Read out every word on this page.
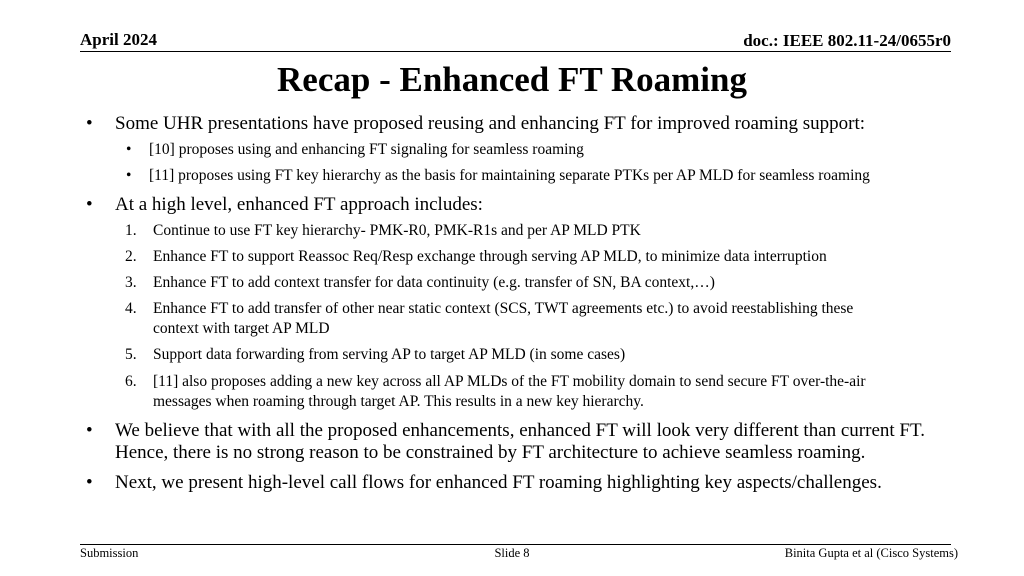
April 2024	doc.: IEEE 802.11-24/0655r0
Recap - Enhanced FT Roaming
• Some UHR presentations have proposed reusing and enhancing FT for improved roaming support:
• [10] proposes using and enhancing FT signaling for seamless roaming
• [11] proposes using FT key hierarchy as the basis for maintaining separate PTKs per AP MLD for seamless roaming
• At a high level, enhanced FT approach includes:
1. Continue to use FT key hierarchy- PMK-R0, PMK-R1s and per AP MLD PTK
2. Enhance FT to support Reassoc Req/Resp exchange through serving AP MLD, to minimize data interruption
3. Enhance FT to add context transfer for data continuity (e.g. transfer of SN, BA context,…)
4. Enhance FT to add transfer of other near static context (SCS, TWT agreements etc.) to avoid reestablishing these
context with target AP MLD
5. Support data forwarding from serving AP to target AP MLD (in some cases)
6. [11] also proposes adding a new key across all AP MLDs of the FT mobility domain to send secure FT over-the-air
messages when roaming through target AP. This results in a new key hierarchy.
• We believe that with all the proposed enhancements, enhanced FT will look very different than current FT.
Hence, there is no strong reason to be constrained by FT architecture to achieve seamless roaming.
• Next, we present high-level call flows for enhanced FT roaming highlighting key aspects/challenges.
Submission	Slide 8	Binita Gupta et al (Cisco Systems)
